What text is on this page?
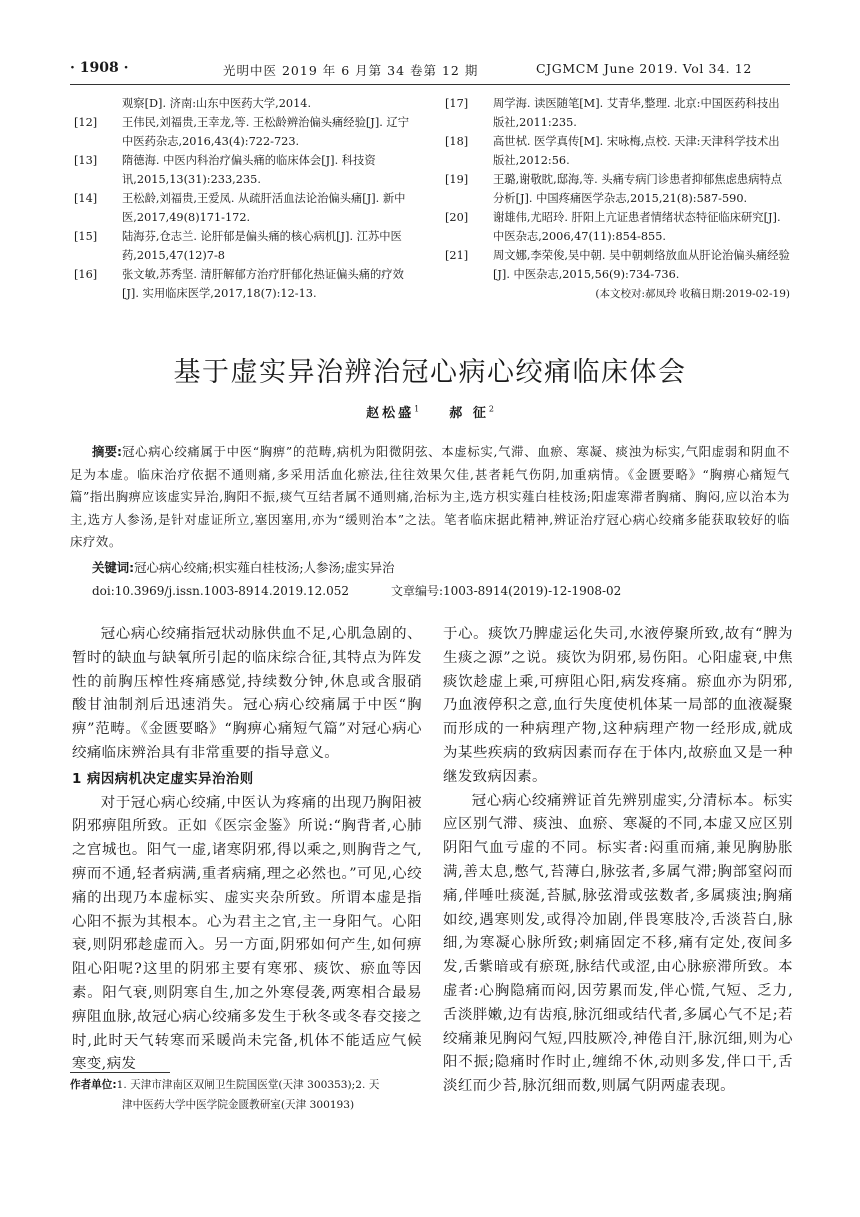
· 1908 ·	光明中医 2019 年 6 月第 34 卷第 12 期	CJGMCM June 2019. Vol 34. 12
观察[D]. 济南:山东中医药大学,2014.
[12]	王伟民,刘福贵,王幸龙,等. 王松龄辨治偏头痛经验[J]. 辽宁中医药杂志,2016,43(4):722-723.
[13]	隋德海. 中医内科治疗偏头痛的临床体会[J]. 科技资讯,2015,13(31):233,235.
[14]	王松龄,刘福贵,王爱凤. 从疏肝活血法论治偏头痛[J]. 新中医,2017,49(8)171-172.
[15]	陆海芬,仓志兰. 论肝郁是偏头痛的核心病机[J]. 江苏中医药,2015,47(12)7-8
[16]	张文敏,苏秀坚. 清肝解郁方治疗肝郁化热证偏头痛的疗效[J]. 实用临床医学,2017,18(7):12-13.
[17]	周学海. 读医随笔[M]. 艾青华,整理. 北京:中国医药科技出版社,2011:235.
[18]	高世栻. 医学真传[M]. 宋咏梅,点校. 天津:天津科学技术出版社,2012:56.
[19]	王璐,谢敬眈,邸海,等. 头痛专病门诊患者抑郁焦虑患病特点分析[J]. 中国疼痛医学杂志,2015,21(8):587-590.
[20]	谢雄伟,尤昭玲. 肝阳上亢证患者情绪状态特征临床研究[J]. 中医杂志,2006,47(11):854-855.
[21]	周文娜,李荣俊,吴中朝. 吴中朝刺络放血从肝论治偏头痛经验[J]. 中医杂志,2015,56(9):734-736.
(本文校对:郝凤玲 收稿日期:2019-02-19)
基于虚实异治辨治冠心病心绞痛临床体会
赵松盛$^1$ 郝 征$^2$
摘要:冠心病心绞痛属于中医“胸痹”的范畴,病机为阳微阴弦、本虚标实,气滞、血瘀、寒凝、痰浊为标实,气阳虚弱和阴血不足为本虚。临床治疗依据不通则痛,多采用活血化瘀法,往往效果欠佳,甚者耗气伤阴,加重病情。《金匮要略》“胸痹心痛短气篇”指出胸痹应该虚实异治,胸阳不振,痰气互结者属不通则痛,治标为主,选方枳实薤白桂枝汤;阳虚寒滞者胸痛、胸闷,应以治本为主,选方人参汤,是针对虚证所立,塞因塞用,亦为“缓则治本”之法。笔者临床据此精神,辨证治疗冠心病心绞痛多能获取较好的临床疗效。
关键词:冠心病心绞痛;枳实薤白桂枝汤;人参汤;虚实异治
doi:10.3969/j.issn.1003-8914.2019.12.052	文章编号:1003-8914(2019)-12-1908-02

冠心病心绞痛指冠状动脉供血不足,心肌急剧的、暂时的缺血与缺氧所引起的临床综合征,其特点为阵发性的前胸压榨性疼痛感觉,持续数分钟,休息或含服硝酸甘油制剂后迅速消失。冠心病心绞痛属于中医“胸痹”范畴。《金匮要略》“胸痹心痛短气篇”对冠心病心绞痛临床辨治具有非常重要的指导意义。

1 病因病机决定虚实异治治则

对于冠心病心绞痛,中医认为疼痛的出现乃胸阳被阴邪痹阻所致。正如《医宗金鉴》所说:“胸背者,心肺之宫城也。阳气一虚,诸寒阴邪,得以乘之,则胸背之气,痹而不通,轻者病满,重者病痛,理之必然也。”可见,心绞痛的出现乃本虚标实、虚实夹杂所致。所谓本虚是指心阳不振为其根本。心为君主之官,主一身阳气。心阳衰,则阴邪趁虚而入。另一方面,阴邪如何产生,如何痹阻心阳呢?这里的阴邪主要有寒邪、痰饮、瘀血等因素。阳气衰,则阴寒自生,加之外寒侵袭,两寒相合最易痹阻血脉,故冠心病心绞痛多发生于秋冬或冬春交接之时,此时天气转寒而采暖尚未完备,机体不能适应气候寒变,病发

于心。痰饮乃脾虚运化失司,水液停聚所致,故有“脾为生痰之源”之说。痰饮为阴邪,易伤阳。心阳虚衰,中焦痰饮趁虚上乘,可痹阻心阳,病发疼痛。瘀血亦为阴邪,乃血液停积之意,血行失度使机体某一局部的血液凝聚而形成的一种病理产物,这种病理产物一经形成,就成为某些疾病的致病因素而存在于体内,故瘀血又是一种继发致病因素。

冠心病心绞痛辨证首先辨别虚实,分清标本。标实应区别气滞、痰浊、血瘀、寒凝的不同,本虚又应区别阴阳气血亏虚的不同。标实者:闷重而痛,兼见胸胁胀满,善太息,憋气,苔薄白,脉弦者,多属气滞;胸部窒闷而痛,伴唾吐痰涎,苔腻,脉弦滑或弦数者,多属痰浊;胸痛如绞,遇寒则发,或得冷加剧,伴畏寒肢冷,舌淡苔白,脉细,为寒凝心脉所致;刺痛固定不移,痛有定处,夜间多发,舌紫暗或有瘀斑,脉结代或涩,由心脉瘀滞所致。本虚者:心胸隐痛而闷,因劳累而发,伴心慌,气短、乏力,舌淡胖嫩,边有齿痕,脉沉细或结代者,多属心气不足;若绞痛兼见胸闷气短,四肢厥冷,神倦自汗,脉沉细,则为心阳不振;隐痛时作时止,缠绵不休,动则多发,伴口干,舌淡红而少苔,脉沉细而数,则属气阴两虚表现。

作者单位:1. 天津市津南区双闸卫生院国医堂(天津 300353);2. 天
津中医药大学中医学院金匮教研室(天津 300193)
